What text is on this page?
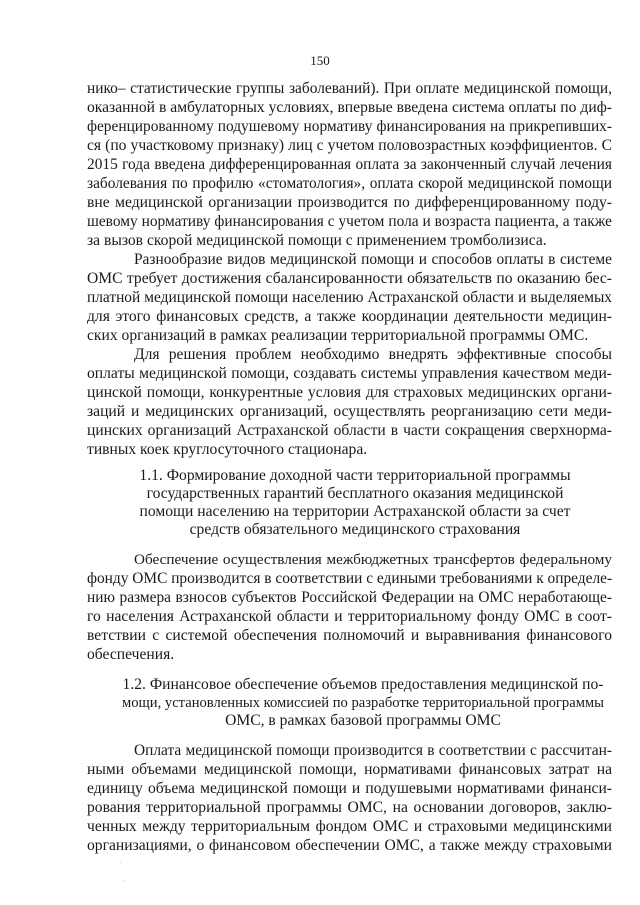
150
нико– статистические группы заболеваний). При оплате медицинской помощи,
оказанной в амбулаторных условиях, впервые введена система оплаты по диф-
ференцированному подушевому нормативу финансирования на прикрепивших-
ся (по участковому признаку) лиц с учетом половозрастных коэффициентов. С
2015 года введена дифференцированная оплата за законченный случай лечения
заболевания по профилю «стоматология», оплата скорой медицинской помощи
вне медицинской организации производится по дифференцированному поду-
шевому нормативу финансирования с учетом пола и возраста пациента, а также
за вызов скорой медицинской помощи с применением тромболизиса.
Разнообразие видов медицинской помощи и способов оплаты в системе
ОМС требует достижения сбалансированности обязательств по оказанию бес-
платной медицинской помощи населению Астраханской области и выделяемых
для этого финансовых средств, а также координации деятельности медицин-
ских организаций в рамках реализации территориальной программы ОМС.
Для решения проблем необходимо внедрять эффективные способы
оплаты медицинской помощи, создавать системы управления качеством меди-
цинской помощи, конкурентные условия для страховых медицинских органи-
заций и медицинских организаций, осуществлять реорганизацию сети меди-
цинских организаций Астраханской области в части сокращения сверхнорма-
тивных коек круглосуточного стационара.
1.1. Формирование доходной части территориальной программы
государственных гарантий бесплатного оказания медицинской
помощи населению на территории Астраханской области за счет
средств обязательного медицинского страхования
Обеспечение осуществления межбюджетных трансфертов федеральному
фонду ОМС производится в соответствии с едиными требованиями к определе-
нию размера взносов субъектов Российской Федерации на ОМС неработающе-
го населения Астраханской области и территориальному фонду ОМС в соот-
ветствии с системой обеспечения полномочий и выравнивания финансового
обеспечения.
1.2. Финансовое обеспечение объемов предоставления медицинской по-
мощи, установленных комиссией по разработке территориальной программы
ОМС, в рамках базовой программы ОМС
Оплата медицинской помощи производится в соответствии с рассчитан-
ными объемами медицинской помощи, нормативами финансовых затрат на
единицу объема медицинской помощи и подушевыми нормативами финанси-
рования территориальной программы ОМС, на основании договоров, заклю-
ченных между территориальным фондом ОМС и страховыми медицинскими
организациями, о финансовом обеспечении ОМС, а также между страховыми
